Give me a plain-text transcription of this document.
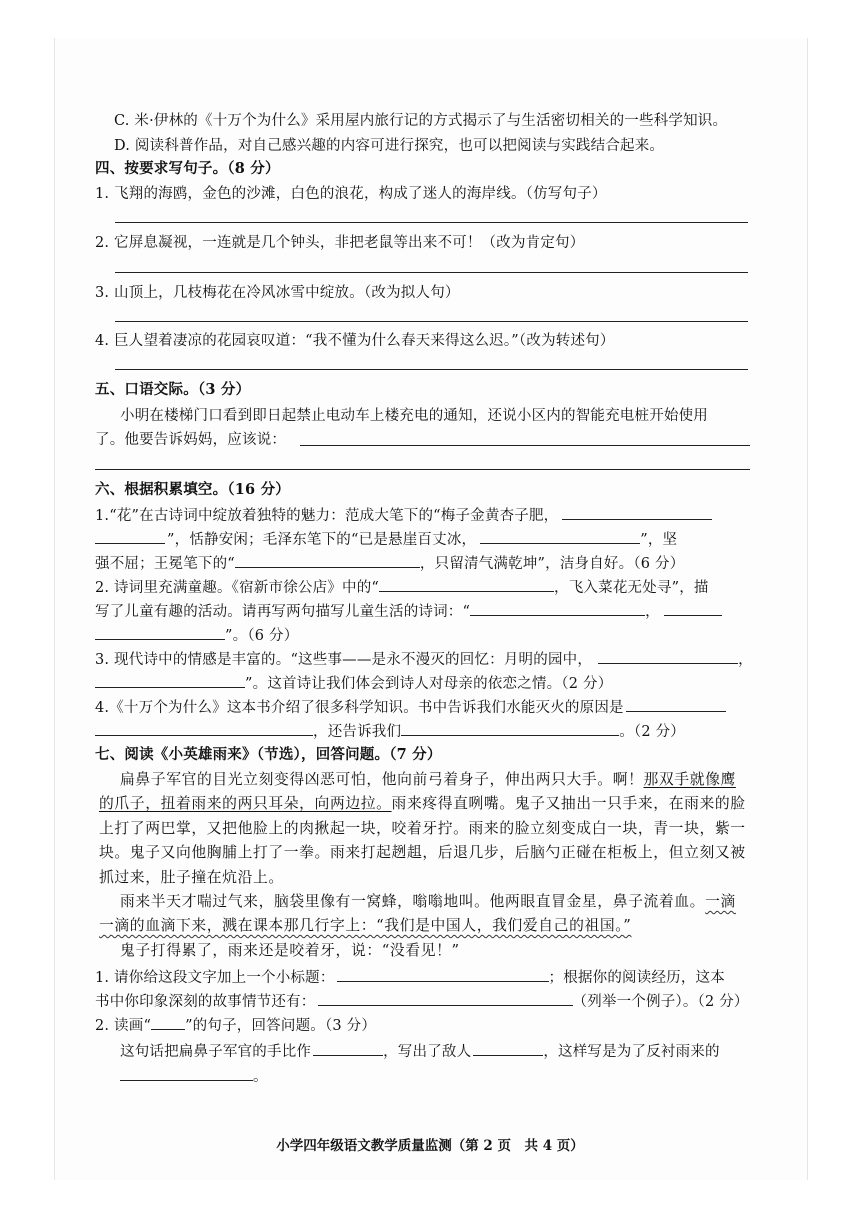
C. 米·伊林的《十万个为什么》采用屋内旅行记的方式揭示了与生活密切相关的一些科学知识。
D. 阅读科普作品，对自己感兴趣的内容可进行探究，也可以把阅读与实践结合起来。
四、按要求写句子。（8 分）
1. 飞翔的海鸥，金色的沙滩，白色的浪花，构成了迷人的海岸线。（仿写句子）
2. 它屏息凝视，一连就是几个钟头，非把老鼠等出来不可！（改为肯定句）
3. 山顶上，几枝梅花在冷风冰雪中绽放。（改为拟人句）
4. 巨人望着凄凉的花园哀叹道：“我不懂为什么春天来得这么迟。”（改为转述句）
五、口语交际。（3 分）
小明在楼梯门口看到即日起禁止电动车上楼充电的通知，还说小区内的智能充电桩开始使用
了。他要告诉妈妈，应该说：
六、根据积累填空。（16 分）
1.“花”在古诗词中绽放着独特的魅力：范成大笔下的“梅子金黄杏子肥，
”，恬静安闲；毛泽东笔下的“已是悬崖百丈冰，	”，坚
强不屈；王冕笔下的“	，只留清气满乾坤”，洁身自好。（6 分）
2. 诗词里充满童趣。《宿新市徐公店》中的“	，飞入菜花无处寻”，描
写了儿童有趣的活动。请再写两句描写儿童生活的诗词：“	，
”。（6 分）
3. 现代诗中的情感是丰富的。“这些事——是永不漫灭的回忆：月明的园中，	，
”。这首诗让我们体会到诗人对母亲的依恋之情。（2 分）
4.《十万个为什么》这本书介绍了很多科学知识。书中告诉我们水能灭火的原因是
，还告诉我们	。（2 分）
七、阅读《小英雄雨来》（节选），回答问题。（7 分）
扁鼻子军官的目光立刻变得凶恶可怕，他向前弓着身子，伸出两只大手。啊！那双手就像鹰
的爪子，扭着雨来的两只耳朵，向两边拉。雨来疼得直咧嘴。鬼子又抽出一只手来，在雨来的脸
上打了两巴掌，又把他脸上的肉揪起一块，咬着牙拧。雨来的脸立刻变成白一块，青一块，紫一
块。鬼子又向他胸脯上打了一拳。雨来打起趔趄，后退几步，后脑勺正碰在柜板上，但立刻又被
抓过来，肚子撞在炕沿上。
雨来半天才喘过气来，脑袋里像有一窝蜂，嗡嗡地叫。他两眼直冒金星，鼻子流着血。一滴
一滴的血滴下来，溅在课本那几行字上：“我们是中国人，我们爱自己的祖国。”
鬼子打得累了，雨来还是咬着牙，说：“没看见！”
1. 请你给这段文字加上一个小标题：	；根据你的阅读经历，这本
书中你印象深刻的故事情节还有：	（列举一个例子）。（2 分）
2. 读画“ ”的句子，回答问题。（3 分）
这句话把扁鼻子军官的手比作	，写出了敌人	，这样写是为了反衬雨来的
。
小学四年级语文教学质量监测（第 2 页　共 4 页）
